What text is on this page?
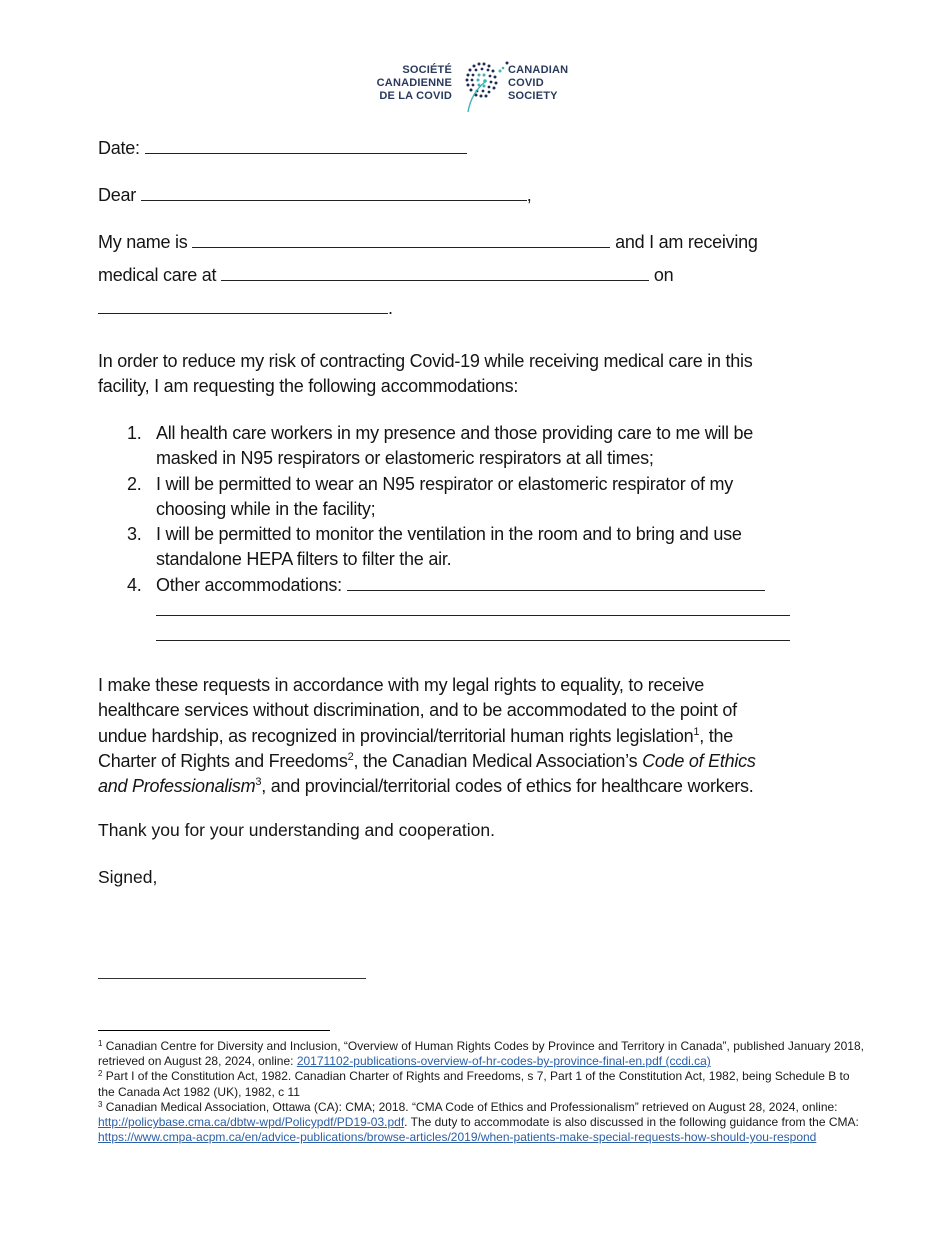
SOCIÉTÉ
CANADIENNE
DE LA COVID
CANADIAN
COVID
SOCIETY
Date:
Dear	,
My name is	and I am receiving
medical care at	on
.
In order to reduce my risk of contracting Covid-19 while receiving medical care in this
facility, I am requesting the following accommodations:
1. All health care workers in my presence and those providing care to me will be
masked in N95 respirators or elastomeric respirators at all times;
2. I will be permitted to wear an N95 respirator or elastomeric respirator of my
choosing while in the facility;
3. I will be permitted to monitor the ventilation in the room and to bring and use
standalone HEPA filters to filter the air.
4. Other accommodations:
I make these requests in accordance with my legal rights to equality, to receive
healthcare services without discrimination, and to be accommodated to the point of
undue hardship, as recognized in provincial/territorial human rights legislation$^1$, the
Charter of Rights and Freedoms$^2$, the Canadian Medical Association’s Code of Ethics
and Professionalism$^3$, and provincial/territorial codes of ethics for healthcare workers.
Thank you for your understanding and cooperation.
Signed,
$^1$ Canadian Centre for Diversity and Inclusion, “Overview of Human Rights Codes by Province and Territory in Canada”, published January 2018, retrieved on August 28, 2024, online: 20171102-publications-overview-of-hr-codes-by-province-final-en.pdf (ccdi.ca)
$^2$ Part I of the Constitution Act, 1982. Canadian Charter of Rights and Freedoms, s 7, Part 1 of the Constitution Act, 1982, being Schedule B to the Canada Act 1982 (UK), 1982, c 11
$^3$ Canadian Medical Association, Ottawa (CA): CMA; 2018. “CMA Code of Ethics and Professionalism” retrieved on August 28, 2024, online: http://policybase.cma.ca/dbtw-wpd/Policypdf/PD19-03.pdf. The duty to accommodate is also discussed in the following guidance from the CMA: https://www.cmpa-acpm.ca/en/advice-publications/browse-articles/2019/when-patients-make-special-requests-how-should-you-respond
